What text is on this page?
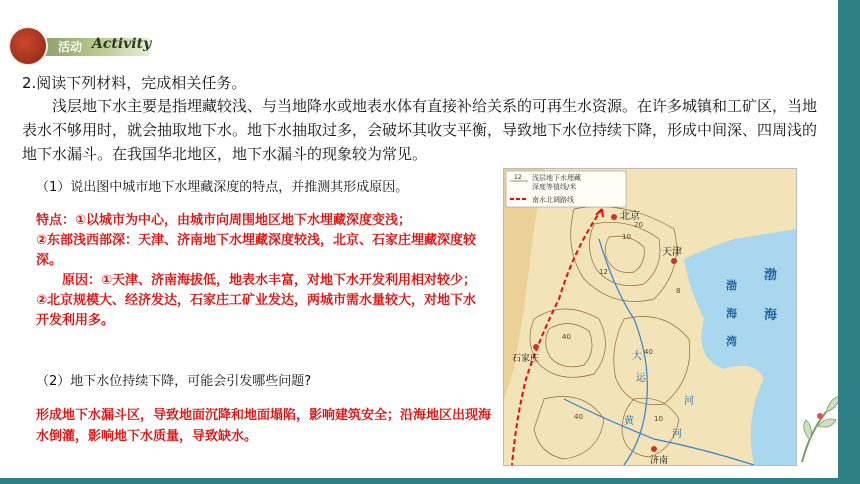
活动 Activity
2.阅读下列材料，完成相关任务。
浅层地下水主要是指埋藏较浅、与当地降水或地表水体有直接补给关系的可再生水资源。在许多城镇和工矿区，当地表水不够用时，就会抽取地下水。地下水抽取过多，会破坏其收支平衡，导致地下水位持续下降，形成中间深、四周浅的地下水漏斗。在我国华北地区，地下水漏斗的现象较为常见。
（1）说出图中城市地下水埋藏深度的特点，并推测其形成原因。
特点：①以城市为中心，由城市向周围地区地下水埋藏深度变浅；
②东部浅西部深：天津、济南地下水埋藏深度较浅，北京、石家庄埋藏深度较深。
原因：①天津、济南海拔低，地表水丰富，对地下水开发利用相对较少；②北京规模大、经济发达，石家庄工矿业发达，两城市需水量较大，对地下水开发利用多。
（2）地下水位持续下降，可能会引发哪些问题?
形成地下水漏斗区，导致地面沉降和地面塌陷，影响建筑安全；沿海地区出现海水倒灌，影响地下水质量，导致缺水。
12 浅层地下水埋藏
深度等值线/米
南水北调路线
北京
天津
石家庄
济南
渤
海
湾
渤
海
10
20
40
40
40	10
8
12
大
运
河
黄
河
